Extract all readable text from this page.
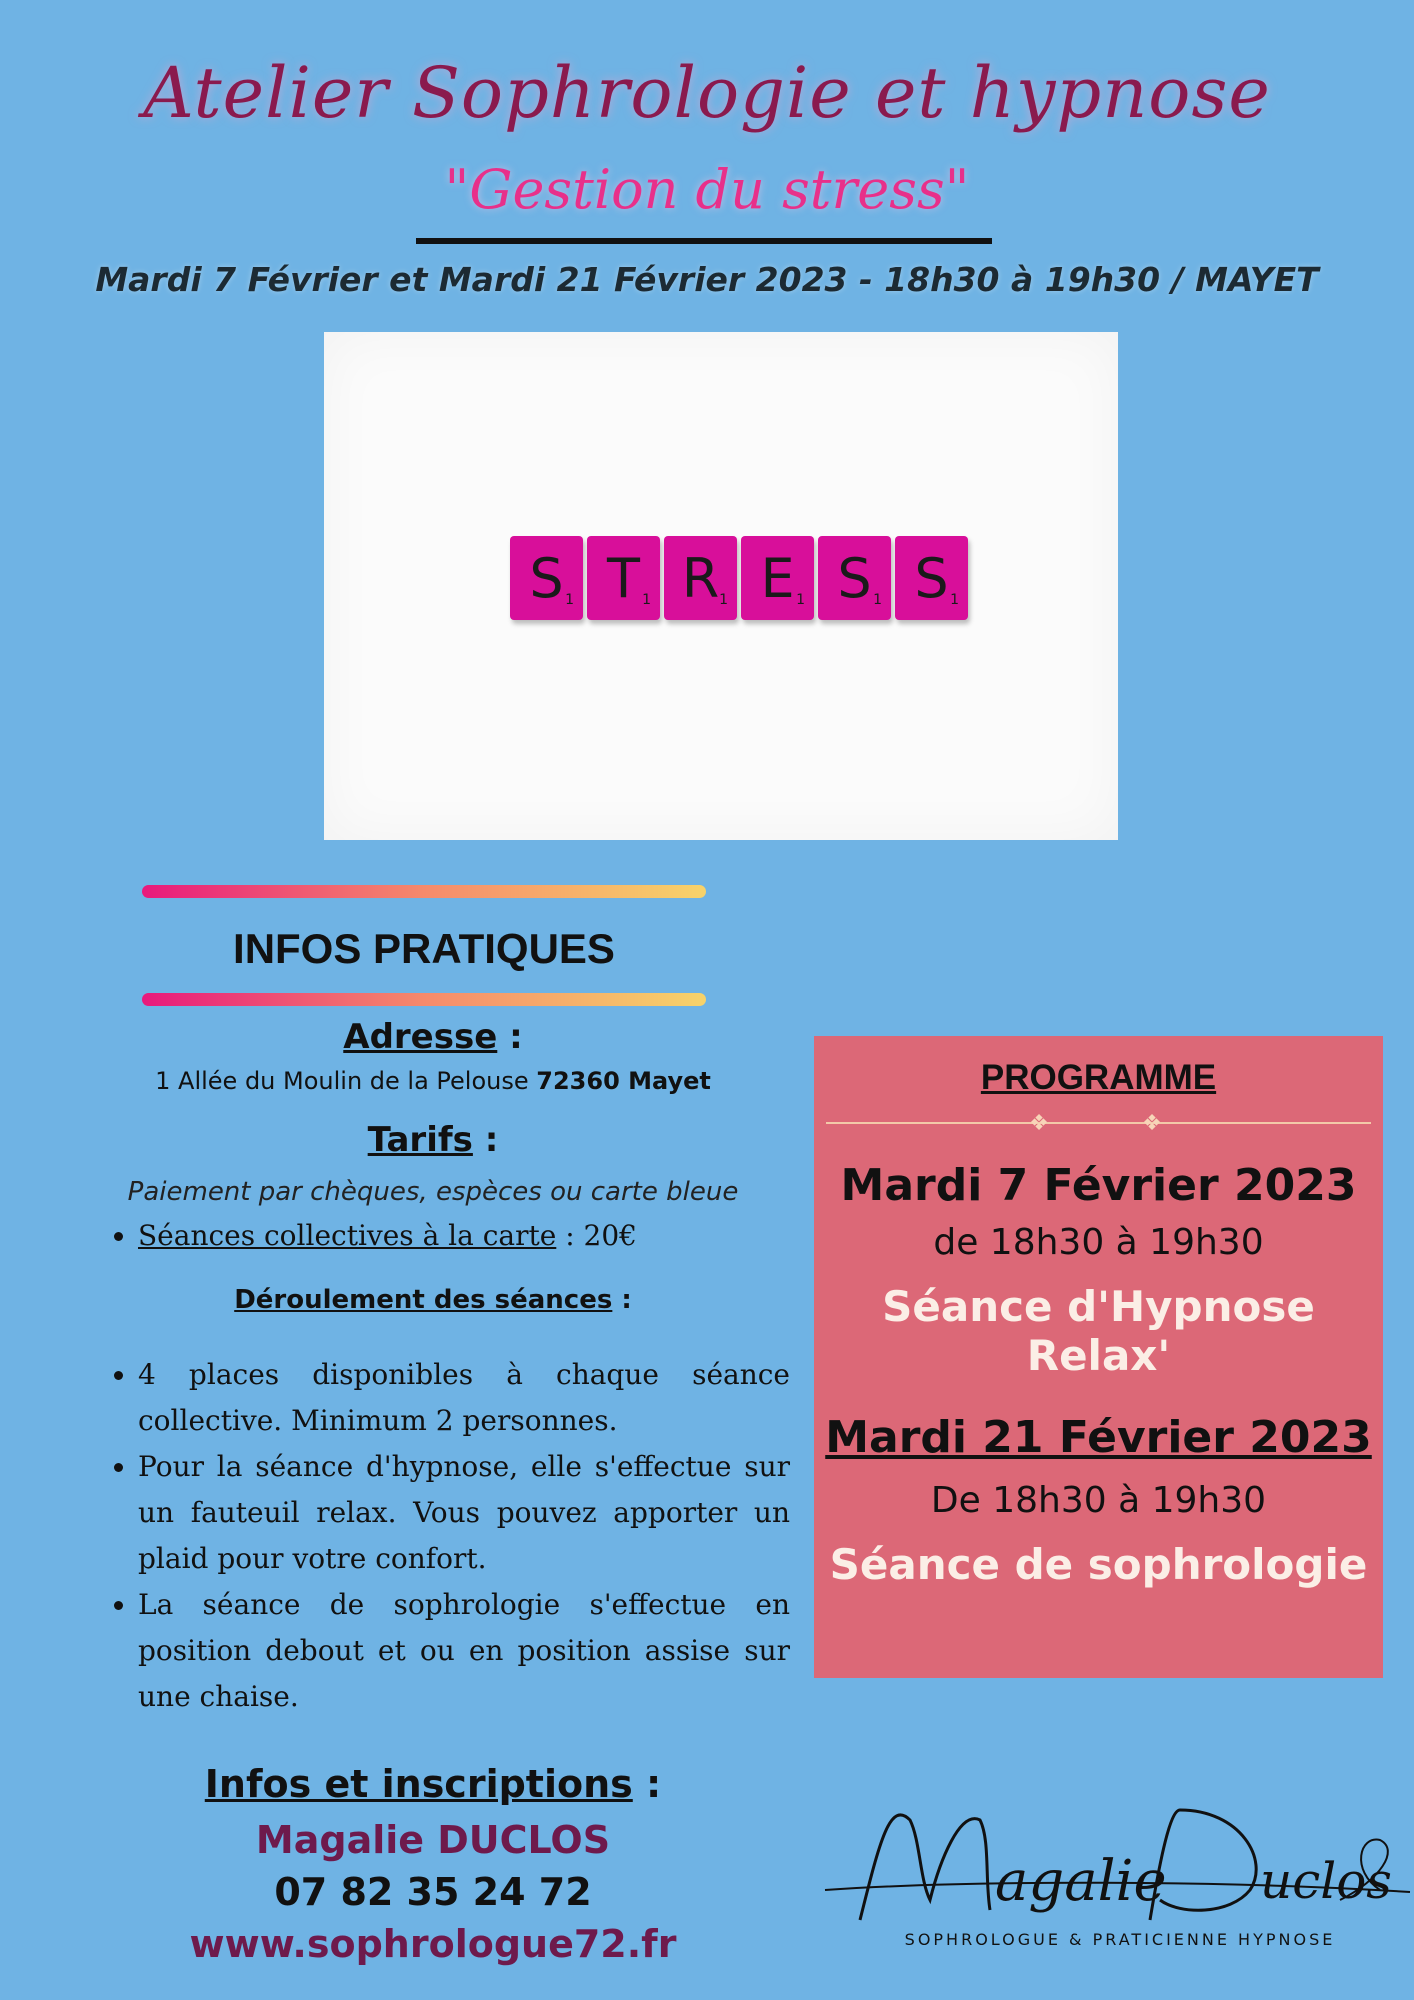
Atelier Sophrologie et hypnose
"Gestion du stress"
Mardi 7 Février et Mardi 21 Février 2023 - 18h30 à 19h30 / MAYET
S 1 T 1 R 1 E 1 S 1 S 1
INFOS PRATIQUES
Adresse :
1 Allée du Moulin de la Pelouse 72360 Mayet
Tarifs :
Paiement par chèques, espèces ou carte bleue
• Séances collectives à la carte : 20€
Déroulement des séances :
• 4 places disponibles à chaque séance collective. Minimum 2 personnes.
• Pour la séance d'hypnose, elle s'effectue sur un fauteuil relax. Vous pouvez apporter un plaid pour votre confort.
• La séance de sophrologie s'effectue en position debout et ou en position assise sur une chaise.
PROGRAMME
❖	❖
Mardi 7 Février 2023
de 18h30 à 19h30
Séance d'Hypnose Relax'
Mardi 21 Février 2023
De 18h30 à 19h30
Séance de sophrologie
Infos et inscriptions :
Magalie DUCLOS
07 82 35 24 72
www.sophrologue72.fr
agalie uclos
SOPHROLOGUE & PRATICIENNE HYPNOSE
